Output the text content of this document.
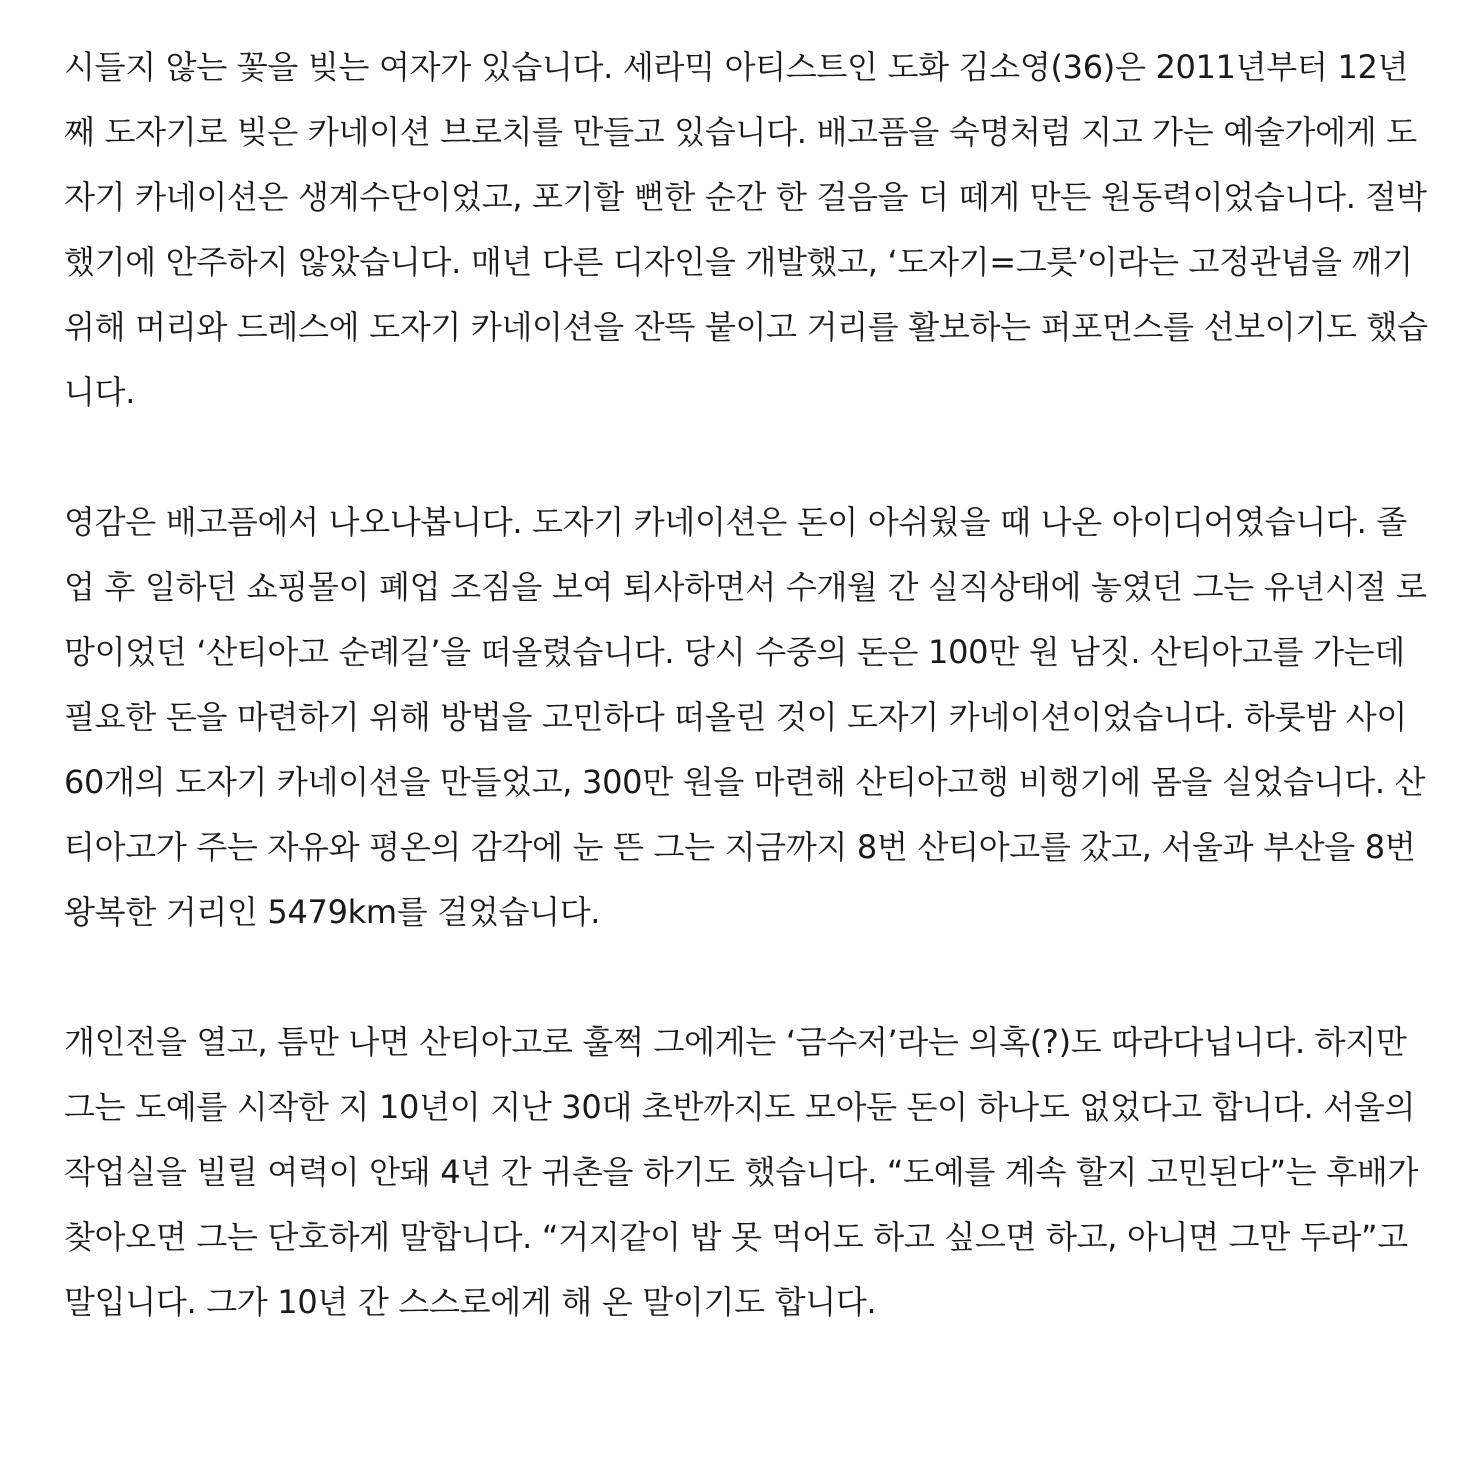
시들지 않는 꽃을 빚는 여자가 있습니다. 세라믹 아티스트인 도화 김소영(36)은 2011년부터 12년째 도자기로 빚은 카네이션 브로치를 만들고 있습니다. 배고픔을 숙명처럼 지고 가는 예술가에게 도자기 카네이션은 생계수단이었고, 포기할 뻔한 순간 한 걸음을 더 떼게 만든 원동력이었습니다. 절박했기에 안주하지 않았습니다. 매년 다른 디자인을 개발했고, ‘도자기=그릇’이라는 고정관념을 깨기 위해 머리와 드레스에 도자기 카네이션을 잔뜩 붙이고 거리를 활보하는 퍼포먼스를 선보이기도 했습니다.

영감은 배고픔에서 나오나봅니다. 도자기 카네이션은 돈이 아쉬웠을 때 나온 아이디어였습니다. 졸업 후 일하던 쇼핑몰이 폐업 조짐을 보여 퇴사하면서 수개월 간 실직상태에 놓였던 그는 유년시절 로망이었던 ‘산티아고 순례길’을 떠올렸습니다. 당시 수중의 돈은 100만 원 남짓. 산티아고를 가는데 필요한 돈을 마련하기 위해 방법을 고민하다 떠올린 것이 도자기 카네이션이었습니다. 하룻밤 사이 60개의 도자기 카네이션을 만들었고, 300만 원을 마련해 산티아고행 비행기에 몸을 실었습니다. 산티아고가 주는 자유와 평온의 감각에 눈 뜬 그는 지금까지 8번 산티아고를 갔고, 서울과 부산을 8번 왕복한 거리인 5479km를 걸었습니다.

개인전을 열고, 틈만 나면 산티아고로 훌쩍 그에게는 ‘금수저’라는 의혹(?)도 따라다닙니다. 하지만 그는 도예를 시작한 지 10년이 지난 30대 초반까지도 모아둔 돈이 하나도 없었다고 합니다. 서울의 작업실을 빌릴 여력이 안돼 4년 간 귀촌을 하기도 했습니다. “도예를 계속 할지 고민된다”는 후배가 찾아오면 그는 단호하게 말합니다. “거지같이 밥 못 먹어도 하고 싶으면 하고, 아니면 그만 두라”고 말입니다. 그가 10년 간 스스로에게 해 온 말이기도 합니다.
